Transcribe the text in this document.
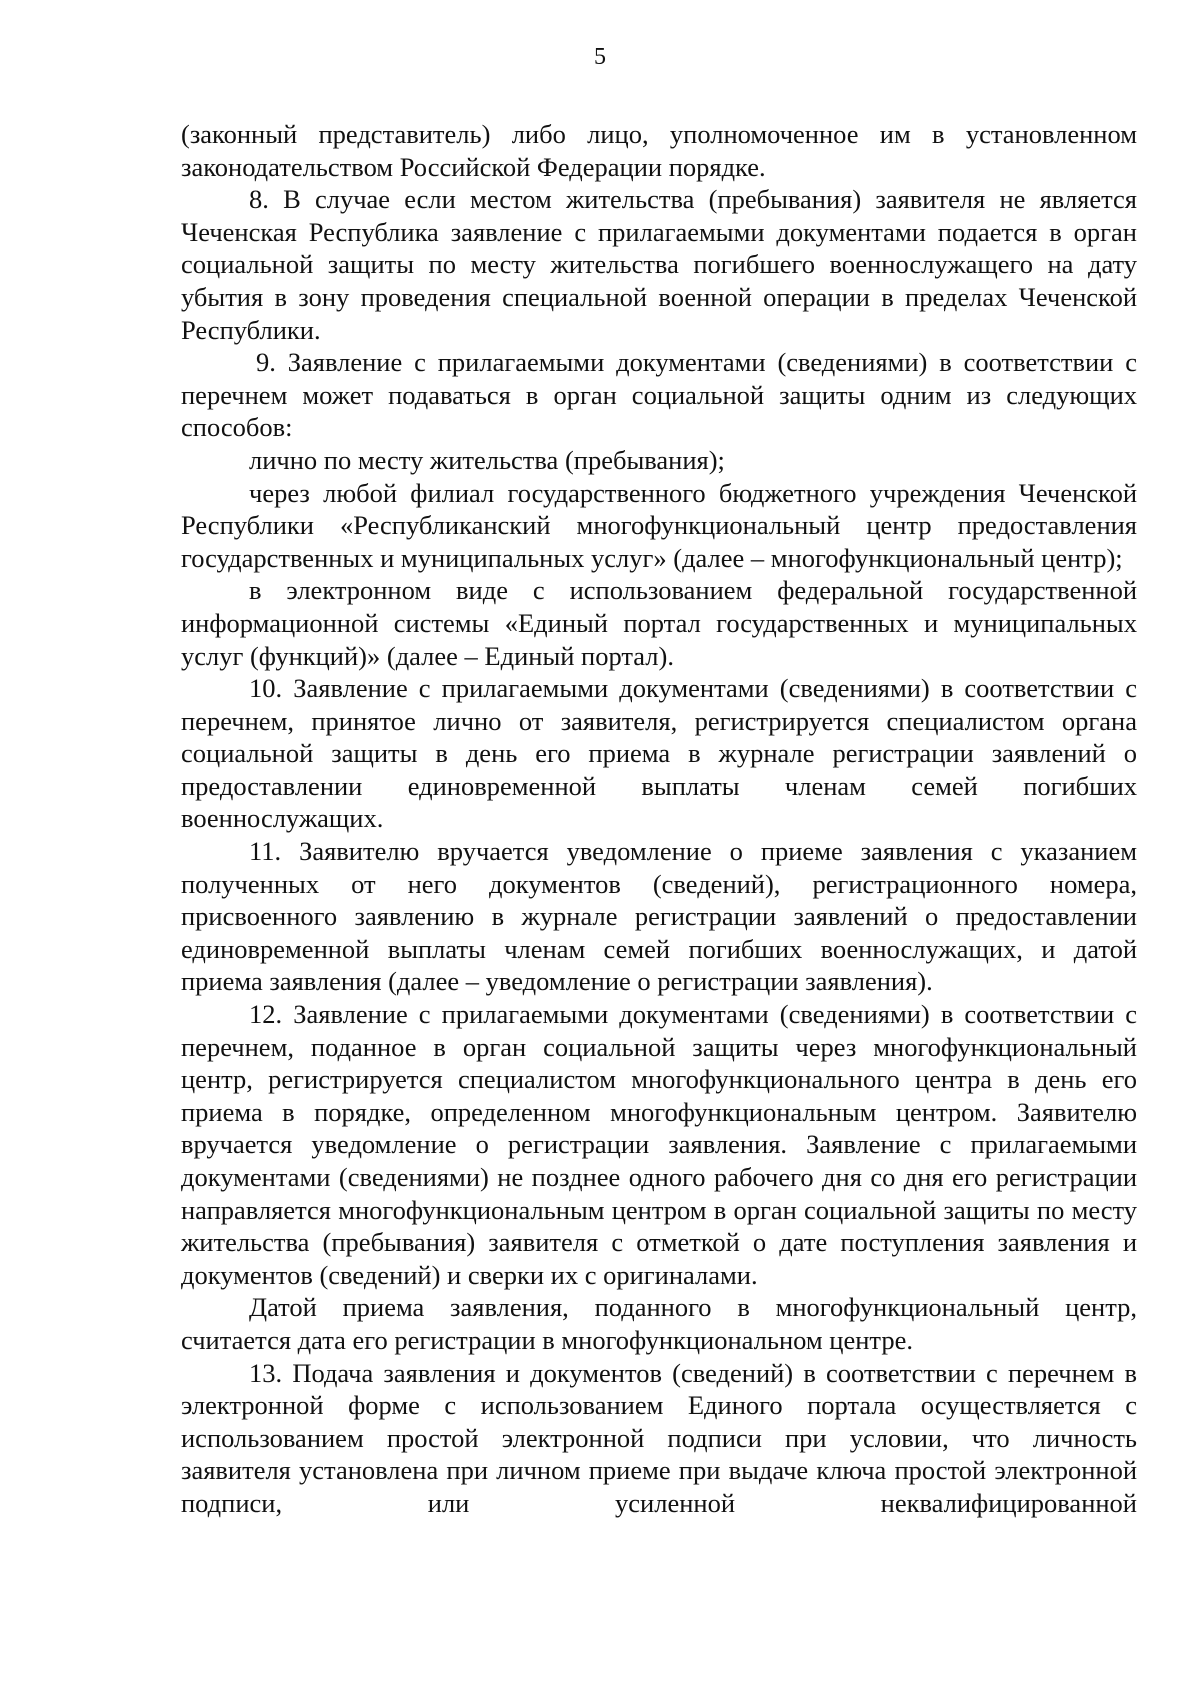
5

(законный представитель) либо лицо, уполномоченное им в установленном законодательством Российской Федерации порядке.

8. В случае если местом жительства (пребывания) заявителя не является Чеченская Республика заявление с прилагаемыми документами подается в орган социальной защиты по месту жительства погибшего военнослужащего на дату убытия в зону проведения специальной военной операции в пределах Чеченской Республики.

9. Заявление с прилагаемыми документами (сведениями) в соответствии с перечнем может подаваться в орган социальной защиты одним из следующих способов:

лично по месту жительства (пребывания);

через любой филиал государственного бюджетного учреждения Чеченской Республики «Республиканский многофункциональный центр предоставления государственных и муниципальных услуг» (далее – многофункциональный центр);

в электронном виде с использованием федеральной государственной информационной системы «Единый портал государственных и муниципальных услуг (функций)» (далее – Единый портал).

10. Заявление с прилагаемыми документами (сведениями) в соответствии с перечнем, принятое лично от заявителя, регистрируется специалистом органа социальной защиты в день его приема в журнале регистрации заявлений о предоставлении единовременной выплаты членам семей погибших военнослужащих.

11. Заявителю вручается уведомление о приеме заявления с указанием полученных от него документов (сведений), регистрационного номера, присвоенного заявлению в журнале регистрации заявлений о предоставлении единовременной выплаты членам семей погибших военнослужащих, и датой приема заявления (далее – уведомление о регистрации заявления).

12. Заявление с прилагаемыми документами (сведениями) в соответствии с перечнем, поданное в орган социальной защиты через многофункциональный центр, регистрируется специалистом многофункционального центра в день его приема в порядке, определенном многофункциональным центром. Заявителю вручается уведомление о регистрации заявления. Заявление с прилагаемыми документами (сведениями) не позднее одного рабочего дня со дня его регистрации направляется многофункциональным центром в орган социальной защиты по месту жительства (пребывания) заявителя с отметкой о дате поступления заявления и документов (сведений) и сверки их с оригиналами.

Датой приема заявления, поданного в многофункциональный центр, считается дата его регистрации в многофункциональном центре.

13. Подача заявления и документов (сведений) в соответствии с перечнем в электронной форме с использованием Единого портала осуществляется с использованием простой электронной подписи при условии, что личность заявителя установлена при личном приеме при выдаче ключа простой электронной подписи, или усиленной неквалифицированной
